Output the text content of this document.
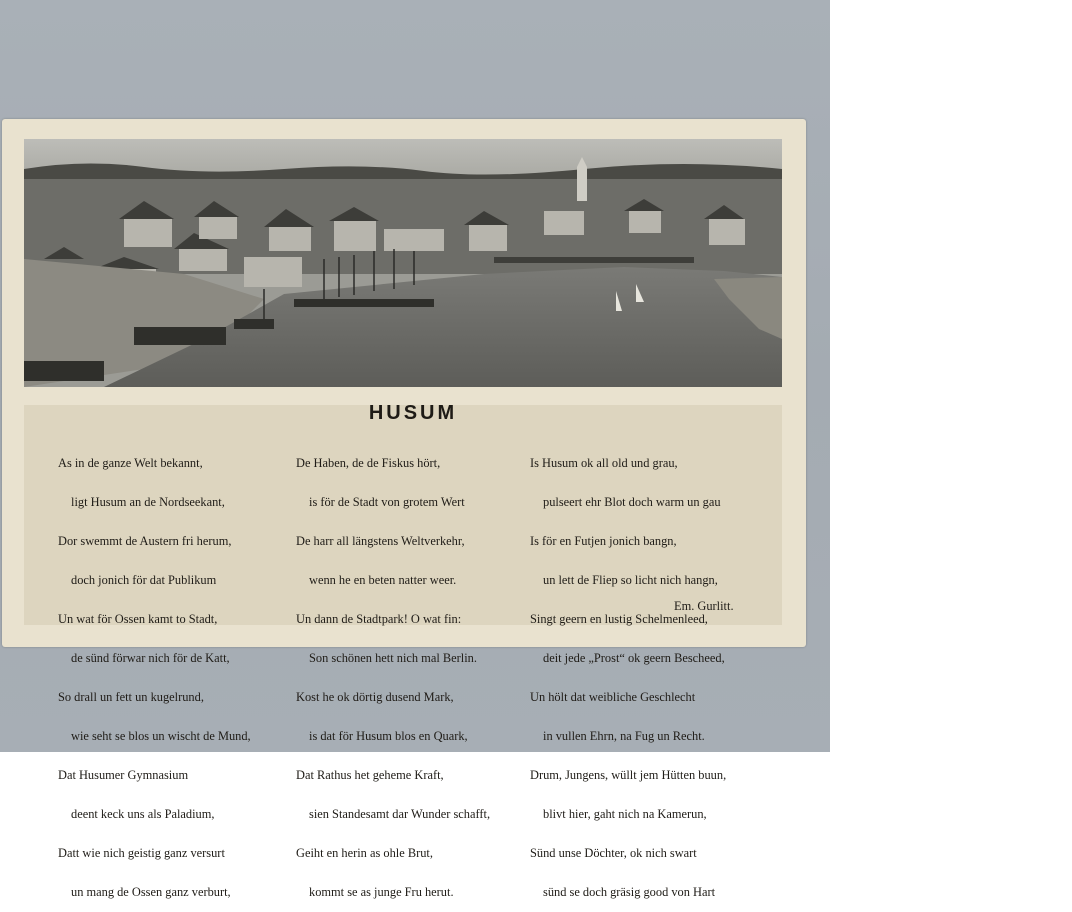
HUSUM

As in de ganze Welt bekannt,

ligt Husum an de Nordseekant,

Dor swemmt de Austern fri herum,

doch jonich för dat Publikum

Un wat för Ossen kamt to Stadt,

de sünd förwar nich för de Katt,

So drall un fett un kugelrund,

wie seht se blos un wischt de Mund,

Dat Husumer Gymnasium

deent keck uns als Paladium,

Datt wie nich geistig ganz versurt

un mang de Ossen ganz verburt,

De Haben, de de Fiskus hört,

is för de Stadt von grotem Wert

De harr all längstens Weltverkehr,

wenn he en beten natter weer.

Un dann de Stadtpark! O wat fin:

Son schönen hett nich mal Berlin.

Kost he ok dörtig dusend Mark,

is dat för Husum blos en Quark,

Dat Rathus het geheme Kraft,

sien Standesamt dar Wunder schafft,

Geiht en herin as ohle Brut,

kommt se as junge Fru herut.

Is Husum ok all old und grau,

pulseert ehr Blot doch warm un gau

Is för en Futjen jonich bangn,

un lett de Fliep so licht nich hangn,

Singt geern en lustig Schelmenleed,

deit jede „Prost“ ok geern Bescheed,

Un hölt dat weibliche Geschlecht

in vullen Ehrn, na Fug un Recht.

Drum, Jungens, wüllt jem Hütten buun,

blivt hier, gaht nich na Kamerun,

Sünd unse Döchter, ok nich swart

sünd se doch gräsig good von Hart

Em. Gurlitt.
